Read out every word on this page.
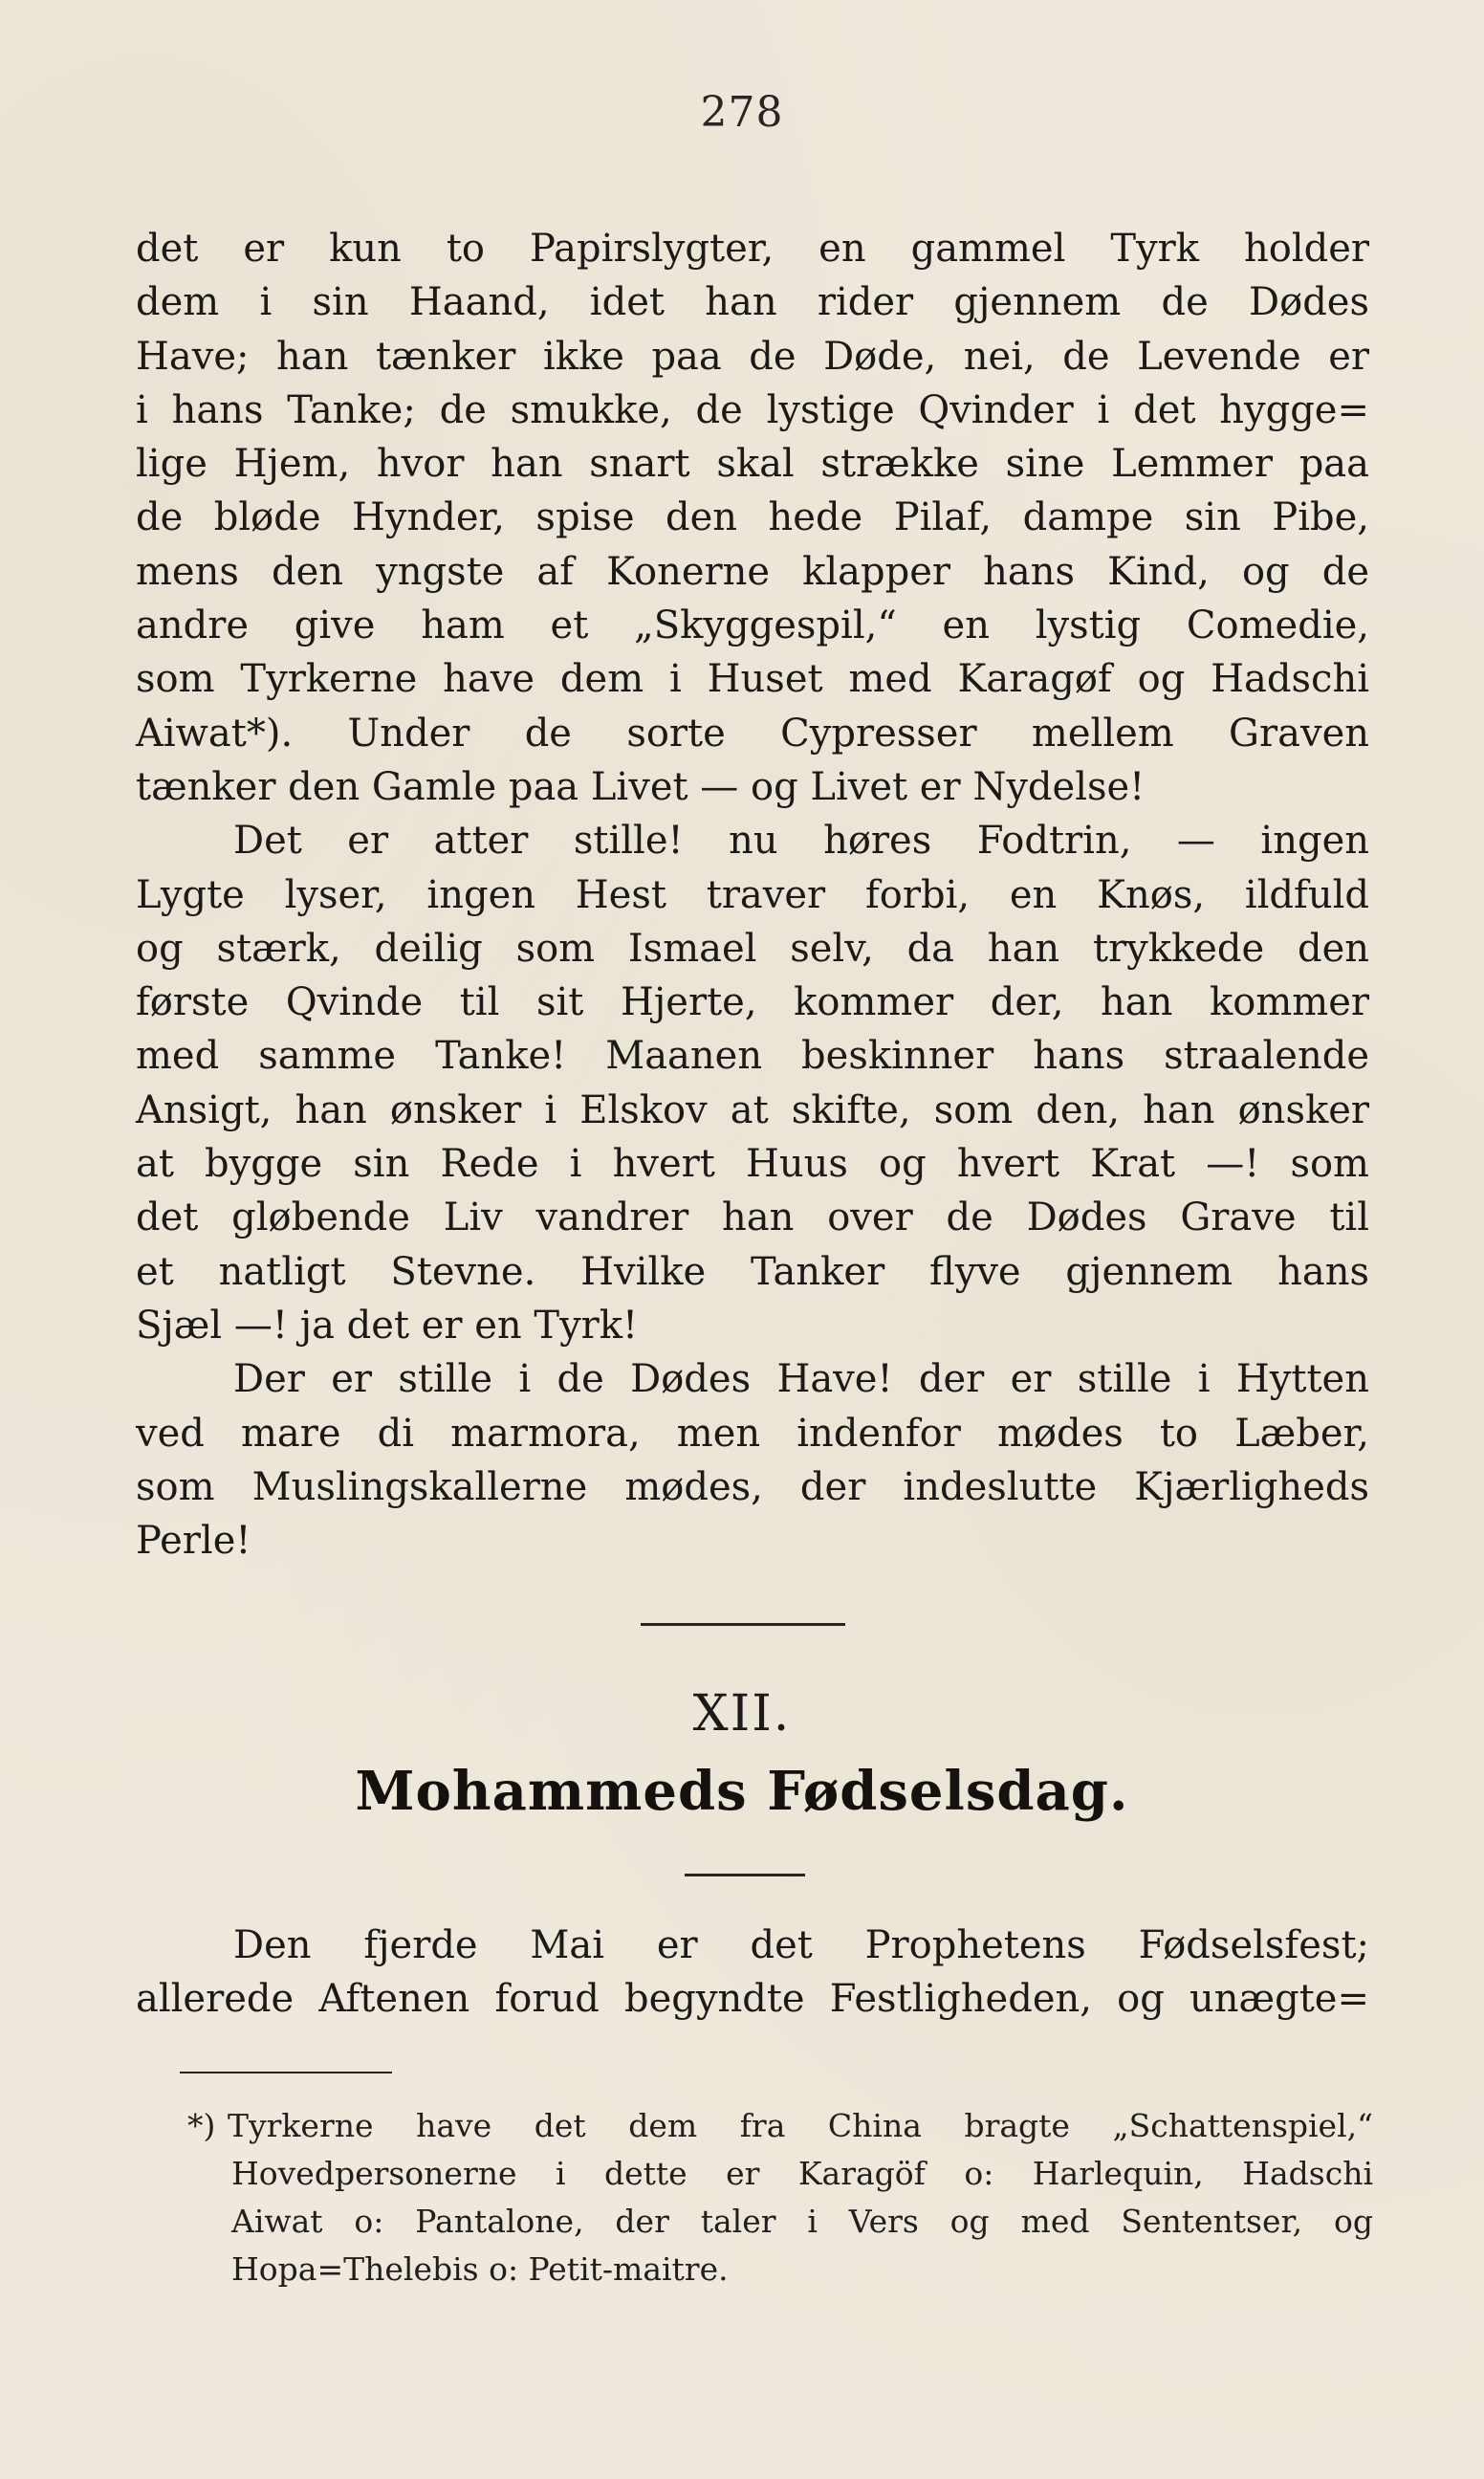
278
det er kun to Papirslygter, en gammel Tyrk holder
dem i sin Haand, idet han rider gjennem de Dødes
Have; han tænker ikke paa de Døde, nei, de Levende er
i hans Tanke; de smukke, de lystige Qvinder i det hygge=
lige Hjem, hvor han snart skal strække sine Lemmer paa
de bløde Hynder, spise den hede Pilaf, dampe sin Pibe,
mens den yngste af Konerne klapper hans Kind, og de
andre give ham et „Skyggespil,“ en lystig Comedie,
som Tyrkerne have dem i Huset med Karagøf og Hadschi
Aiwat*). Under de sorte Cypresser mellem Graven
tænker den Gamle paa Livet — og Livet er Nydelse!
Det er atter stille! nu høres Fodtrin, — ingen
Lygte lyser, ingen Hest traver forbi, en Knøs, ildfuld
og stærk, deilig som Ismael selv, da han trykkede den
første Qvinde til sit Hjerte, kommer der, han kommer
med samme Tanke! Maanen beskinner hans straalende
Ansigt, han ønsker i Elskov at skifte, som den, han ønsker
at bygge sin Rede i hvert Huus og hvert Krat —! som
det gløbende Liv vandrer han over de Dødes Grave til
et natligt Stevne. Hvilke Tanker flyve gjennem hans
Sjæl —! ja det er en Tyrk!
Der er stille i de Dødes Have! der er stille i Hytten
ved mare di marmora, men indenfor mødes to Læber,
som Muslingskallerne mødes, der indeslutte Kjærligheds
Perle!
XII.
Mohammeds Fødselsdag.
Den fjerde Mai er det Prophetens Fødselsfest;
allerede Aftenen forud begyndte Festligheden, og unægte=
*) Tyrkerne have det dem fra China bragte „Schattenspiel,“
Hovedpersonerne i dette er Karagöf o: Harlequin, Hadschi
Aiwat o: Pantalone, der taler i Vers og med Sententser, og
Hopa=Thelebis o: Petit-maitre.
